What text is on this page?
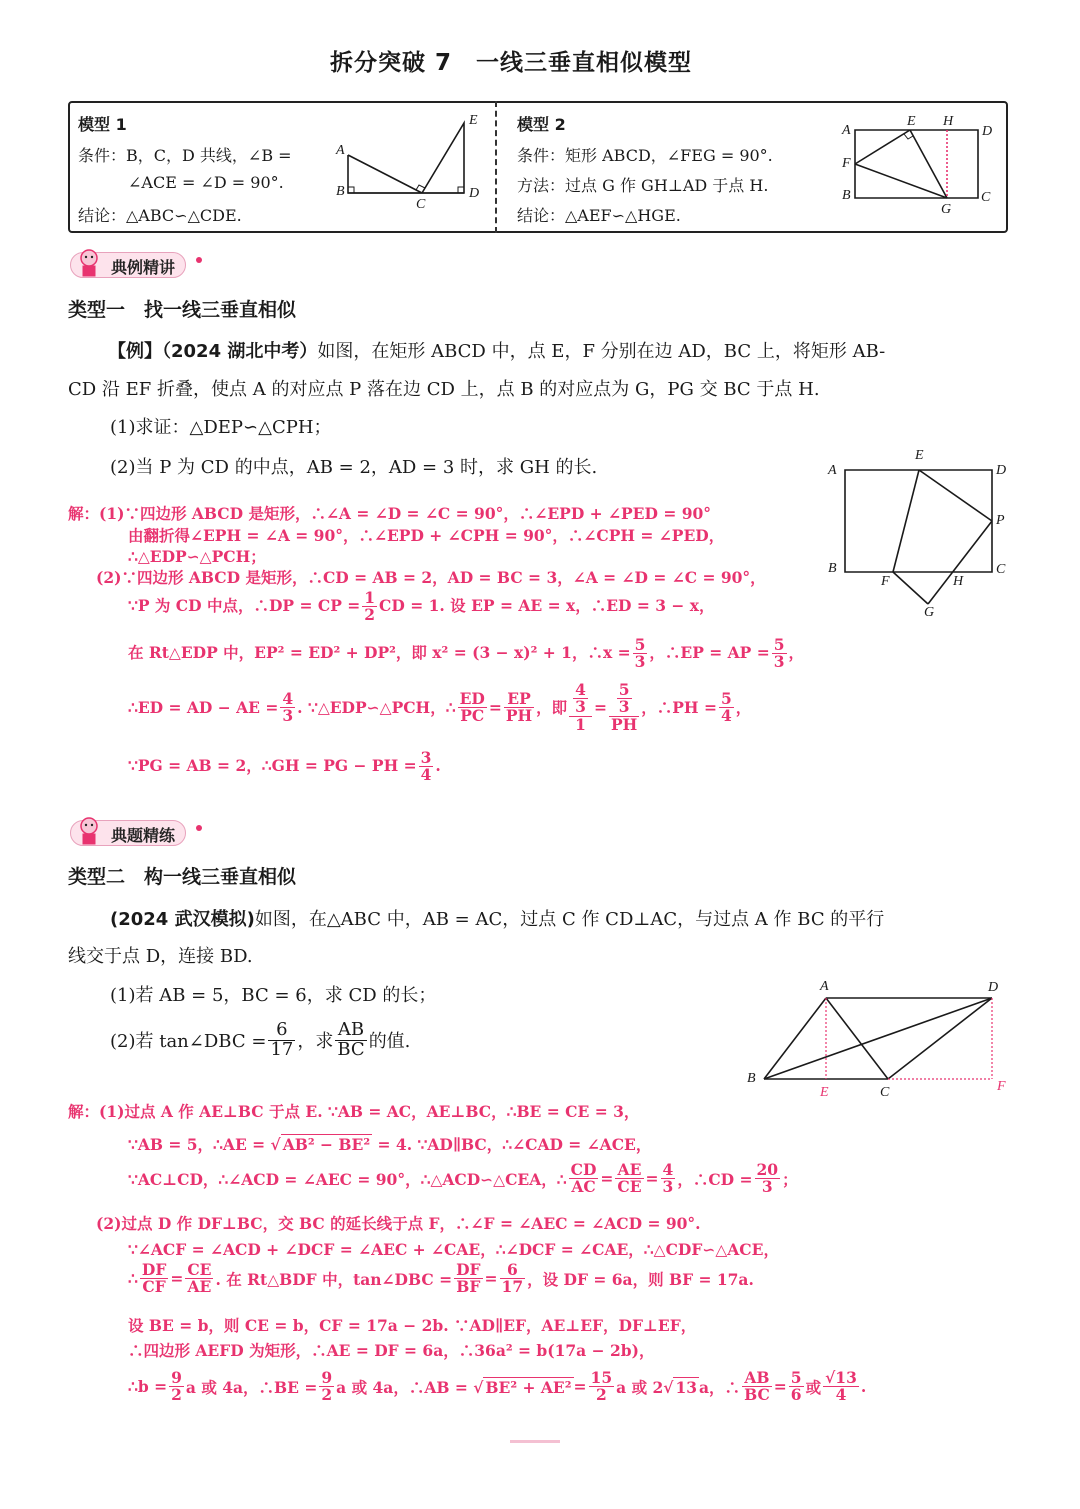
拆分突破 7　一线三垂直相似模型
模型 1
条件：B，C，D 共线，∠B =
∠ACE = ∠D = 90°.
结论：△ABC∽△CDE.
A
B
C
D
E 模型 2
条件：矩形 ABCD，∠FEG = 90°.
方法：过点 G 作 GH⊥AD 于点 H.
结论：△AEF∽△HGE.
A
E H
D
F
B
G
C
典例精讲
类型一　找一线三垂直相似
【例】（2024 湖北中考）如图，在矩形 ABCD 中，点 E，F 分别在边 AD，BC 上，将矩形 AB-
CD 沿 EF 折叠，使点 A 的对应点 P 落在边 CD 上，点 B 的对应点为 G，PG 交 BC 于点 H.
(1)求证：△DEP∽△CPH；
(2)当 P 为 CD 的中点，AB = 2，AD = 3 时，求 GH 的长.	A
E
D
P
B
F	H
C
G
解：(1)∵四边形 ABCD 是矩形，∴∠A = ∠D = ∠C = 90°，∴∠EPD + ∠PED = 90°
由翻折得∠EPH = ∠A = 90°，∴∠EPD + ∠CPH = 90°，∴∠CPH = ∠PED，
∴△EDP∽△PCH；
(2)∵四边形 ABCD 是矩形，∴CD = AB = 2，AD = BC = 3，∠A = ∠D = ∠C = 90°，
∵P 为 CD 中点，∴DP = CP = $\frac{1}{2}$ CD = 1. 设 EP = AE = x，∴ED = 3 − x，
在 Rt△EDP 中，EP² = ED² + DP²，即 x² = (3 − x)² + 1，∴x = $\frac{5}{3}$ ，∴EP = AP = $\frac{5}{3}$ ，
∴ED = AD − AE = $\frac{4}{3}$ . ∵△EDP∽△PCH，∴ $\frac{ED}{PC} = \frac{EP}{PH}$ ，即 $\frac{\frac{4}{3}}{1} = \frac{\frac{5}{3}}{PH}$ ，∴PH = $\frac{5}{4}$ ，
∵PG = AB = 2，∴GH = PG − PH = $\frac{3}{4}$ .
典题精练
类型二　构一线三垂直相似
(2024 武汉模拟)如图，在△ABC 中，AB = AC，过点 C 作 CD⊥AC，与过点 A 作 BC 的平行
线交于点 D，连接 BD.
(1)若 AB = 5，BC = 6，求 CD 的长；
(2)若 tan∠DBC = $\frac{6}{17}$ ，求 $\frac{AB}{BC}$ 的值.
A	D
B
E	C	F
解：(1)过点 A 作 AE⊥BC 于点 E. ∵AB = AC，AE⊥BC，∴BE = CE = 3，
∵AB = 5，∴AE = √ AB² − BE² = 4. ∵AD∥BC，∴∠CAD = ∠ACE，
∵AC⊥CD，∴∠ACD = ∠AEC = 90°，∴△ACD∽△CEA，∴ $\frac{CD}{AC} = \frac{AE}{CE} = \frac{4}{3}$ ，∴CD = $\frac{20}{3}$ ；
(2)过点 D 作 DF⊥BC，交 BC 的延长线于点 F，∴∠F = ∠AEC = ∠ACD = 90°.
∵∠ACF = ∠ACD + ∠DCF = ∠AEC + ∠CAE，∴∠DCF = ∠CAE，∴△CDF∽△ACE，
∴ $\frac{DF}{CF} = \frac{CE}{AE}$ . 在 Rt△BDF 中，tan∠DBC = $\frac{DF}{BF} = \frac{6}{17}$ ，设 DF = 6a，则 BF = 17a.
设 BE = b，则 CE = b，CF = 17a − 2b. ∵AD∥EF，AE⊥EF，DF⊥EF，
∴四边形 AEFD 为矩形，∴AE = DF = 6a，∴36a² = b(17a − 2b)，
∴b = $\frac{9}{2}$ a 或 4a，∴BE = $\frac{9}{2}$ a 或 4a，∴AB = √ $BE^2 + AE^2= \frac{15}{2}$ a 或 2√ 13a，∴ $\frac{AB}{BC} = \frac{5}{6}$ 或 $\frac{√13}{4}$ .
